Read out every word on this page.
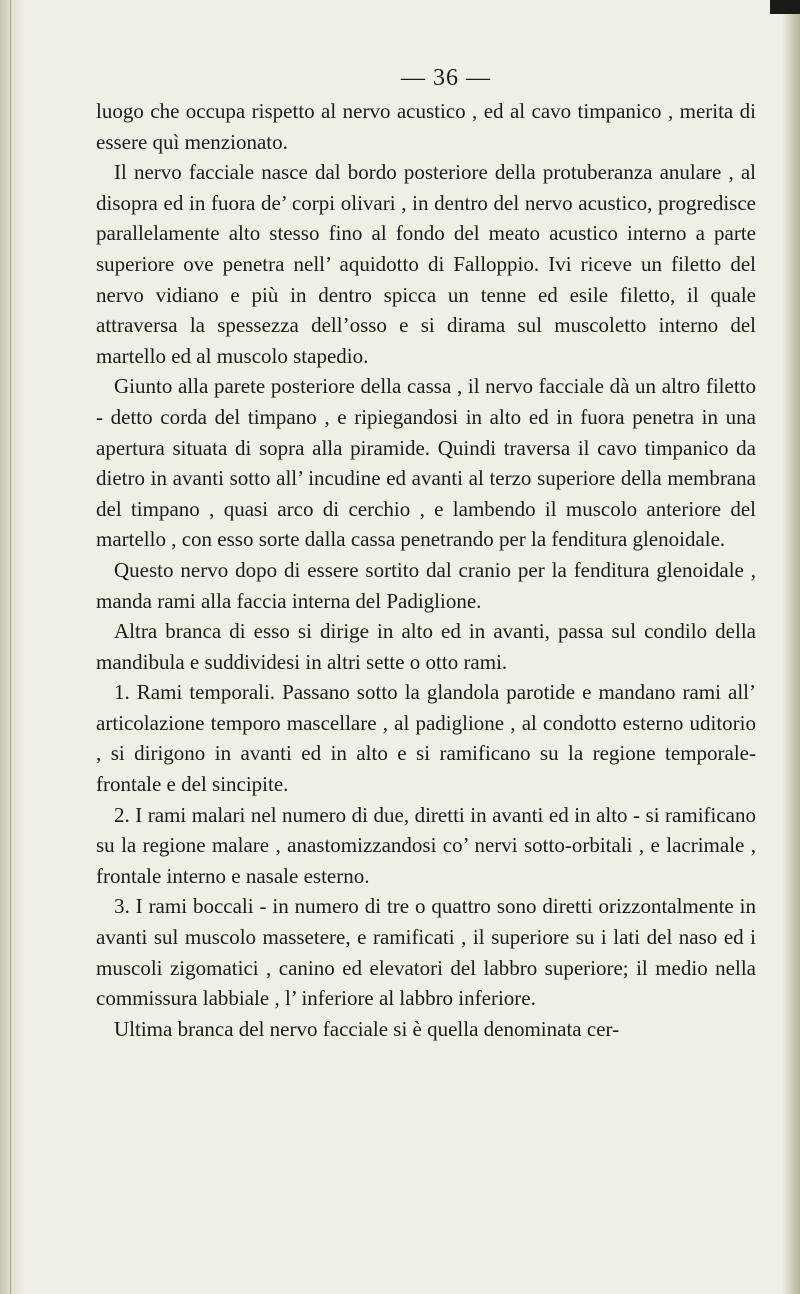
— 36 —

luogo che occupa rispetto al nervo acustico , ed al cavo timpanico , merita di essere quì menzionato.

Il nervo facciale nasce dal bordo posteriore della protuberanza anulare , al disopra ed in fuora de’ corpi olivari , in dentro del nervo acustico, progredisce parallelamente alto stesso fino al fondo del meato acustico interno a parte superiore ove penetra nell’ aquidotto di Falloppio. Ivi riceve un filetto del nervo vidiano e più in dentro spicca un tenne ed esile filetto, il quale attraversa la spessezza dell’osso e si dirama sul muscoletto interno del martello ed al muscolo stapedio.

Giunto alla parete posteriore della cassa , il nervo facciale dà un altro filetto - detto corda del timpano , e ripiegandosi in alto ed in fuora penetra in una apertura situata di sopra alla piramide. Quindi traversa il cavo timpanico da dietro in avanti sotto all’ incudine ed avanti al terzo superiore della membrana del timpano , quasi arco di cerchio , e lambendo il muscolo anteriore del martello , con esso sorte dalla cassa penetrando per la fenditura glenoidale.

Questo nervo dopo di essere sortito dal cranio per la fenditura glenoidale , manda rami alla faccia interna del Padiglione.

Altra branca di esso si dirige in alto ed in avanti, passa sul condilo della mandibula e suddividesi in altri sette o otto rami.

1. Rami temporali. Passano sotto la glandola parotide e mandano rami all’ articolazione temporo mascellare , al padiglione , al condotto esterno uditorio , si dirigono in avanti ed in alto e si ramificano su la regione temporale-frontale e del sincipite.

2. I rami malari nel numero di due, diretti in avanti ed in alto - si ramificano su la regione malare , anastomizzandosi co’ nervi sotto-orbitali , e lacrimale , frontale interno e nasale esterno.

3. I rami boccali - in numero di tre o quattro sono diretti orizzontalmente in avanti sul muscolo massetere, e ramificati , il superiore su i lati del naso ed i muscoli zigomatici , canino ed elevatori del labbro superiore; il medio nella commissura labbiale , l’ inferiore al labbro inferiore.

Ultima branca del nervo facciale si è quella denominata cer-
